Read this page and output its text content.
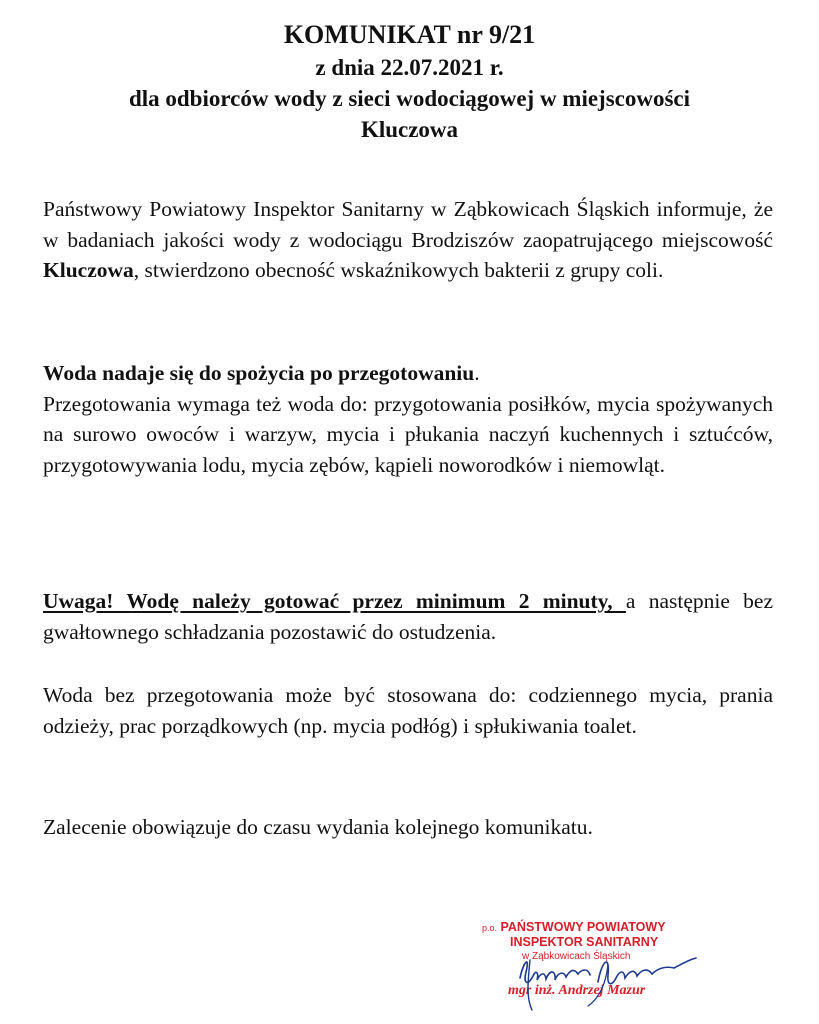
KOMUNIKAT nr 9/21
z dnia 22.07.2021 r.
dla odbiorców wody z sieci wodociągowej w miejscowości
Kluczowa
Państwowy Powiatowy Inspektor Sanitarny w Ząbkowicach Śląskich informuje, że w badaniach jakości wody z wodociągu Brodziszów zaopatrującego miejscowość Kluczowa, stwierdzono obecność wskaźnikowych bakterii z grupy coli.
Woda nadaje się do spożycia po przegotowaniu.
Przegotowania wymaga też woda do: przygotowania posiłków, mycia spożywanych na surowo owoców i warzyw, mycia i płukania naczyń kuchennych i sztućców, przygotowywania lodu, mycia zębów, kąpieli noworodków i niemowląt.
Uwaga! Wodę należy gotować przez minimum 2 minuty, a następnie bez gwałtownego schładzania pozostawić do ostudzenia.
Woda bez przegotowania może być stosowana do: codziennego mycia, prania odzieży, prac porządkowych (np. mycia podłóg) i spłukiwania toalet.
Zalecenie obowiązuje do czasu wydania kolejnego komunikatu.
p.o. PAŃSTWOWY POWIATOWY
INSPEKTOR SANITARNY
w Ząbkowicach Śląskich
mgr inż. Andrzej Mazur
